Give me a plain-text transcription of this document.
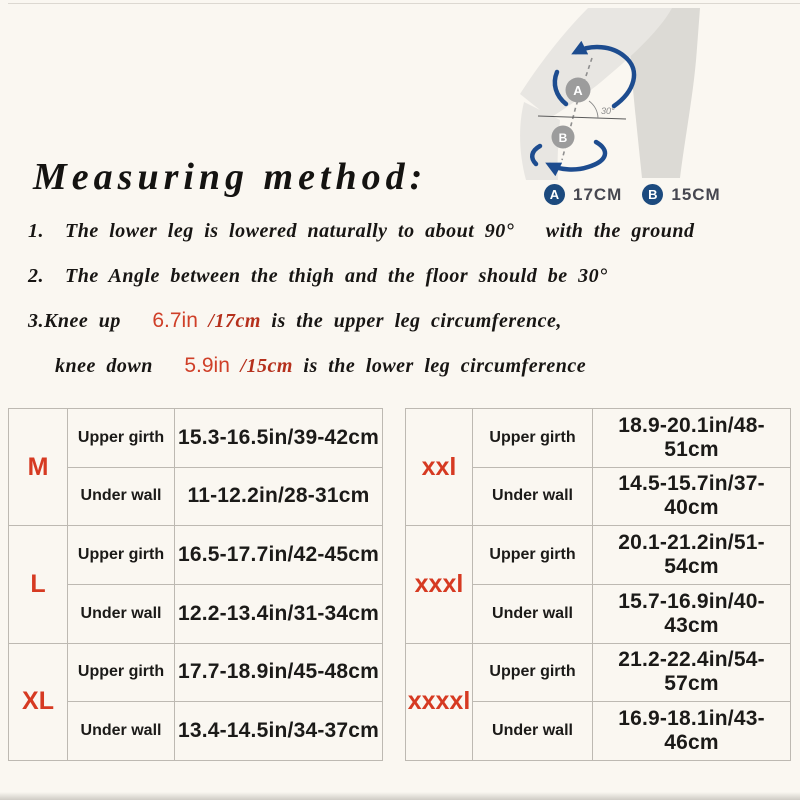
Measuring method:
30°
A
B
A 17CM	B 15CM
1.  The lower leg is lowered naturally to about 90°   with the ground
2.  The Angle between the thigh and the floor should be 30°
3.Knee up   6.7in /17cm is the upper leg circumference,
knee down   5.9in /15cm is the lower leg circumference
M	Upper girth	15.3-16.5in/39-42cm
	Under wall	11-12.2in/28-31cm
L	Upper girth	16.5-17.7in/42-45cm
	Under wall	12.2-13.4in/31-34cm
XL	Upper girth	17.7-18.9in/45-48cm
	Under wall	13.4-14.5in/34-37cm
xxl	Upper girth	18.9-20.1in/48-51cm
	Under wall	14.5-15.7in/37-40cm
xxxl	Upper girth	20.1-21.2in/51-54cm
	Under wall	15.7-16.9in/40-43cm
xxxxl	Upper girth	21.2-22.4in/54-57cm
	Under wall	16.9-18.1in/43-46cm
